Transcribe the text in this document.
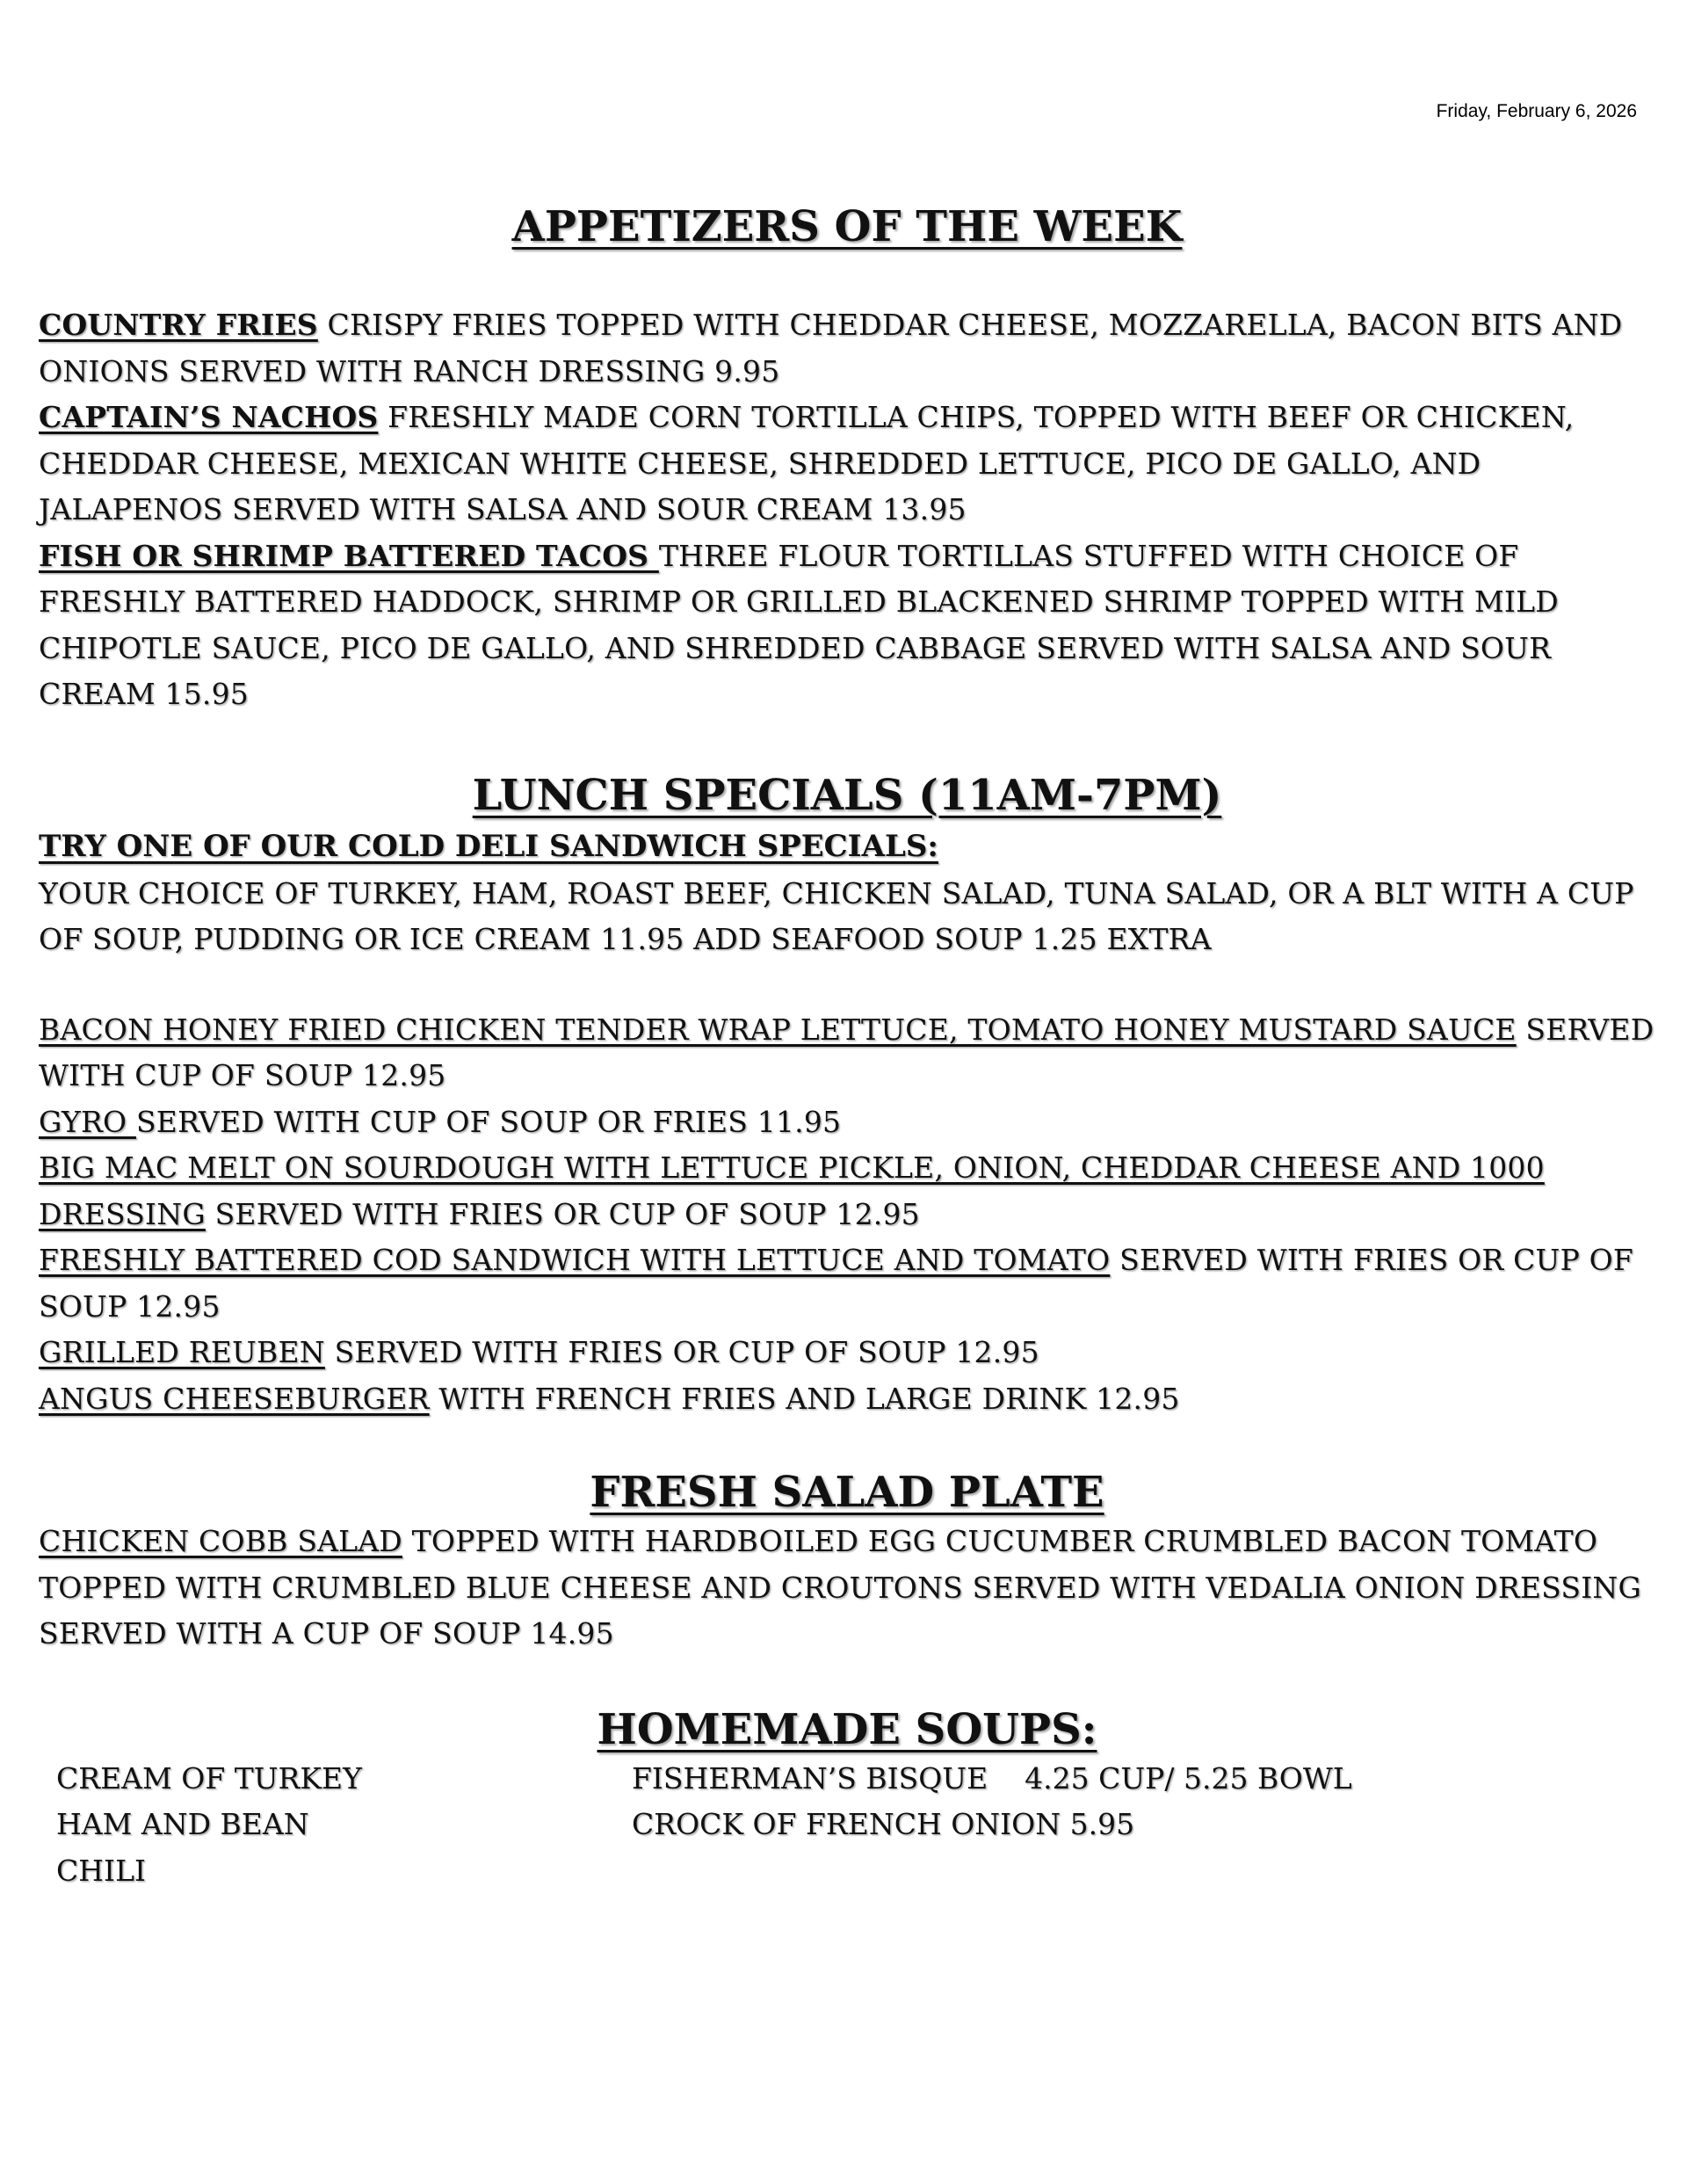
Friday, February 6, 2026
APPETIZERS OF THE WEEK

COUNTRY FRIES CRISPY FRIES TOPPED WITH CHEDDAR CHEESE, MOZZARELLA, BACON BITS AND ONIONS SERVED WITH RANCH DRESSING 9.95

CAPTAIN’S NACHOS FRESHLY MADE CORN TORTILLA CHIPS, TOPPED WITH BEEF OR CHICKEN, CHEDDAR CHEESE, MEXICAN WHITE CHEESE, SHREDDED LETTUCE, PICO DE GALLO, AND JALAPENOS SERVED WITH SALSA AND SOUR CREAM 13.95

FISH OR SHRIMP BATTERED TACOS THREE FLOUR TORTILLAS STUFFED WITH CHOICE OF FRESHLY BATTERED HADDOCK, SHRIMP OR GRILLED BLACKENED SHRIMP TOPPED WITH MILD CHIPOTLE SAUCE, PICO DE GALLO, AND SHREDDED CABBAGE SERVED WITH SALSA AND SOUR CREAM 15.95

LUNCH SPECIALS (11AM-7PM)

TRY ONE OF OUR COLD DELI SANDWICH SPECIALS:

YOUR CHOICE OF TURKEY, HAM, ROAST BEEF, CHICKEN SALAD, TUNA SALAD, OR A BLT WITH A CUP OF SOUP, PUDDING OR ICE CREAM 11.95 ADD SEAFOOD SOUP 1.25 EXTRA

BACON HONEY FRIED CHICKEN TENDER WRAP LETTUCE, TOMATO HONEY MUSTARD SAUCE SERVED WITH CUP OF SOUP 12.95

GYRO SERVED WITH CUP OF SOUP OR FRIES 11.95

BIG MAC MELT ON SOURDOUGH WITH LETTUCE PICKLE, ONION, CHEDDAR CHEESE AND 1000 DRESSING SERVED WITH FRIES OR CUP OF SOUP 12.95

FRESHLY BATTERED COD SANDWICH WITH LETTUCE AND TOMATO SERVED WITH FRIES OR CUP OF SOUP 12.95

GRILLED REUBEN SERVED WITH FRIES OR CUP OF SOUP 12.95

ANGUS CHEESEBURGER WITH FRENCH FRIES AND LARGE DRINK 12.95

FRESH SALAD PLATE

CHICKEN COBB SALAD TOPPED WITH HARDBOILED EGG CUCUMBER CRUMBLED BACON TOMATO TOPPED WITH CRUMBLED BLUE CHEESE AND CROUTONS SERVED WITH VEDALIA ONION DRESSING SERVED WITH A CUP OF SOUP 14.95

HOMEMADE SOUPS:
CREAM OF TURKEY
HAM AND BEAN
CHILI
FISHERMAN’S BISQUE    4.25 CUP/ 5.25 BOWL
CROCK OF FRENCH ONION 5.95
